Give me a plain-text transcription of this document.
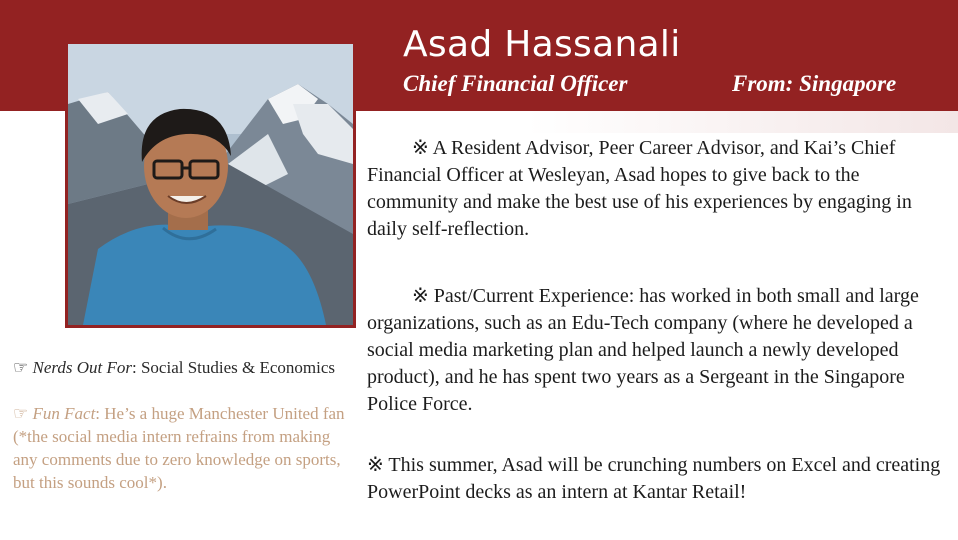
Asad Hassanali
Chief Financial Officer	From: Singapore
※ A Resident Advisor, Peer Career Advisor, and Kai’s Chief Financial Officer at Wesleyan, Asad hopes to give back to the community and make the best use of his experiences by engaging in daily self-reflection.
※ Past/Current Experience: has worked in both small and large organizations, such as an Edu-Tech company (where he developed a social media marketing plan and helped launch a newly developed product), and he has spent two years as a Sergeant in the Singapore Police Force.
※ This summer, Asad will be crunching numbers on Excel and creating PowerPoint decks as an intern at Kantar Retail!
☞ Nerds Out For: Social Studies & Economics
☞ Fun Fact: He’s a huge Manchester United fan (*the social media intern refrains from making any comments due to zero knowledge on sports, but this sounds cool*).
